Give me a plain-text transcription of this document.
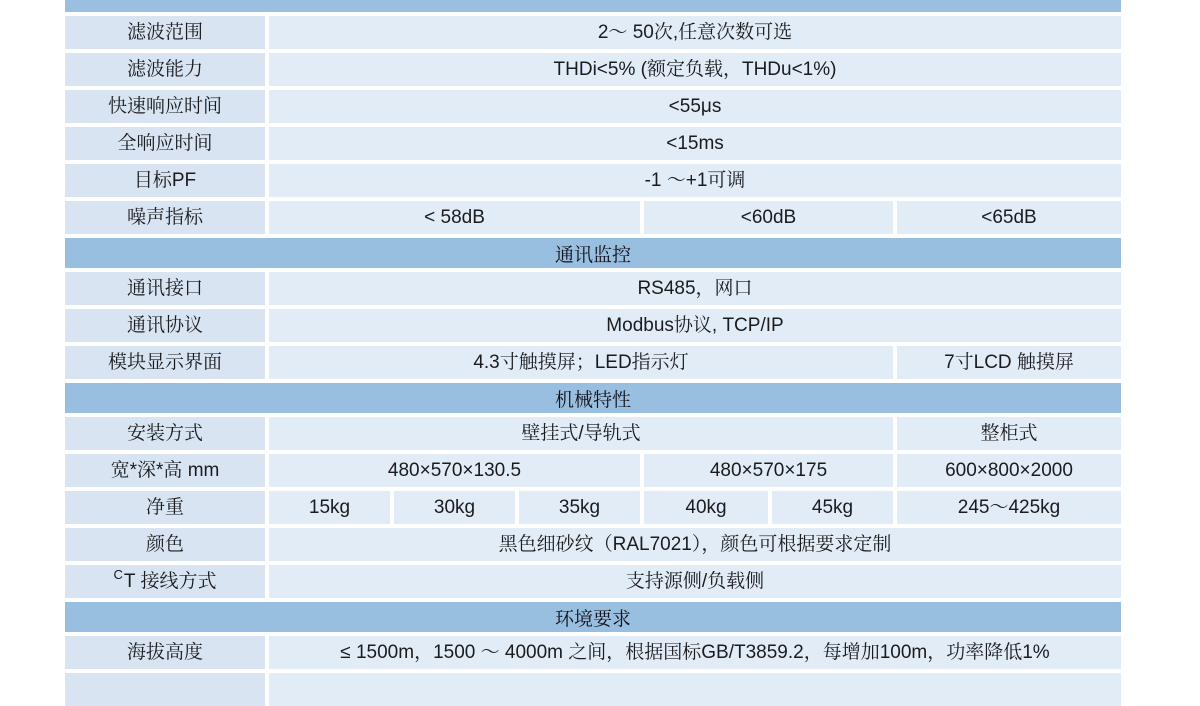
滤波范围	2～ 50次,任意次数可选
滤波能力	THDi<5% (额定负载，THDu<1%)
快速响应时间	<55μs
全响应时间	<15ms
目标PF	-1 ～+1可调
噪声指标	< 58dB	<60dB	<65dB
通讯监控
通讯接口	RS485，网口
通讯协议	Modbus协议, TCP/IP
模块显示界面	4.3寸触摸屏；LED指示灯	7寸LCD 触摸屏
机械特性
安装方式	壁挂式/导轨式	整柜式
宽*深*高 mm	480×570×130.5	480×570×175	600×800×2000
净重	15kg	30kg	35kg	40kg	45kg	245～425kg
颜色	黑色细砂纹（RAL7021），颜色可根据要求定制
C T 接线方式	支持源侧/负载侧
环境要求
海拔高度	≤ 1500m，1500 ～ 4000m 之间，根据国标GB/T3859.2，每增加100m，功率降低1%
